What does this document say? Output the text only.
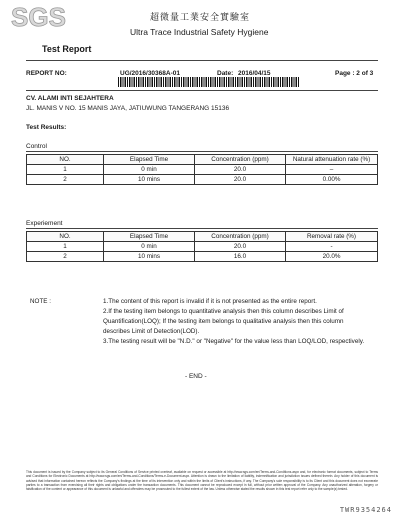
SGS	超微量工業安全實驗室
Ultra Trace Industrial Safety Hygiene
Test Report
REPORT NO:	UG/2016/30368A-01	Date: 2016/04/15	Page : 2 of 3
CV. ALAMI INTI SEJAHTERA
JL. MANIS V NO. 15 MANIS JAYA, JATIUWUNG TANGERANG 15136
Test Results:
Control
NO.	Elapsed Time	Concentration (ppm)	Natural attenuation rate (%)
1	0 min	20.0	–
2	10 mins	20.0	0.00%
Experiement
NO.	Elapsed Time	Concentration (ppm)	Removal rate (%)
1	0 min	20.0	-
2	10 mins	16.0	20.0%
NOTE :	1.The content of this report is invalid if it is not presented as the entire report.
2.If the testing item belongs to quantitative analysis then this column describes Limit of
Quantification(LOQ); If the testing item belongs to qualitative analysis then this column
describes Limit of Detection(LOD).
3.The testing result will be "N.D." or "Negative" for the value less than LOQ/LOD, respectively.
- END -
This document is issued by the Company subject to its General Conditions of Service printed overleaf, available on request or accessible at http://www.sgs.com/en/Terms-and-Conditions.aspx and, for electronic format documents, subject to Terms and Conditions for Electronic Documents at http://www.sgs.com/en/Terms-and-Conditions/Terms-e-Document.aspx. Attention is drawn to the limitation of liability, indemnification and jurisdiction issues defined therein. Any holder of this document is advised that information contained hereon reflects the Company's findings at the time of its intervention only and within the limits of Client's instructions, if any. The Company's sole responsibility is to its Client and this document does not exonerate parties to a transaction from exercising all their rights and obligations under the transaction documents. This document cannot be reproduced except in full, without prior written approval of the Company. Any unauthorized alteration, forgery or falsification of the content or appearance of this document is unlawful and offenders may be prosecuted to the fullest extent of the law. Unless otherwise stated the results shown in this test report refer only to the sample(s) tested.
TWR9354264
